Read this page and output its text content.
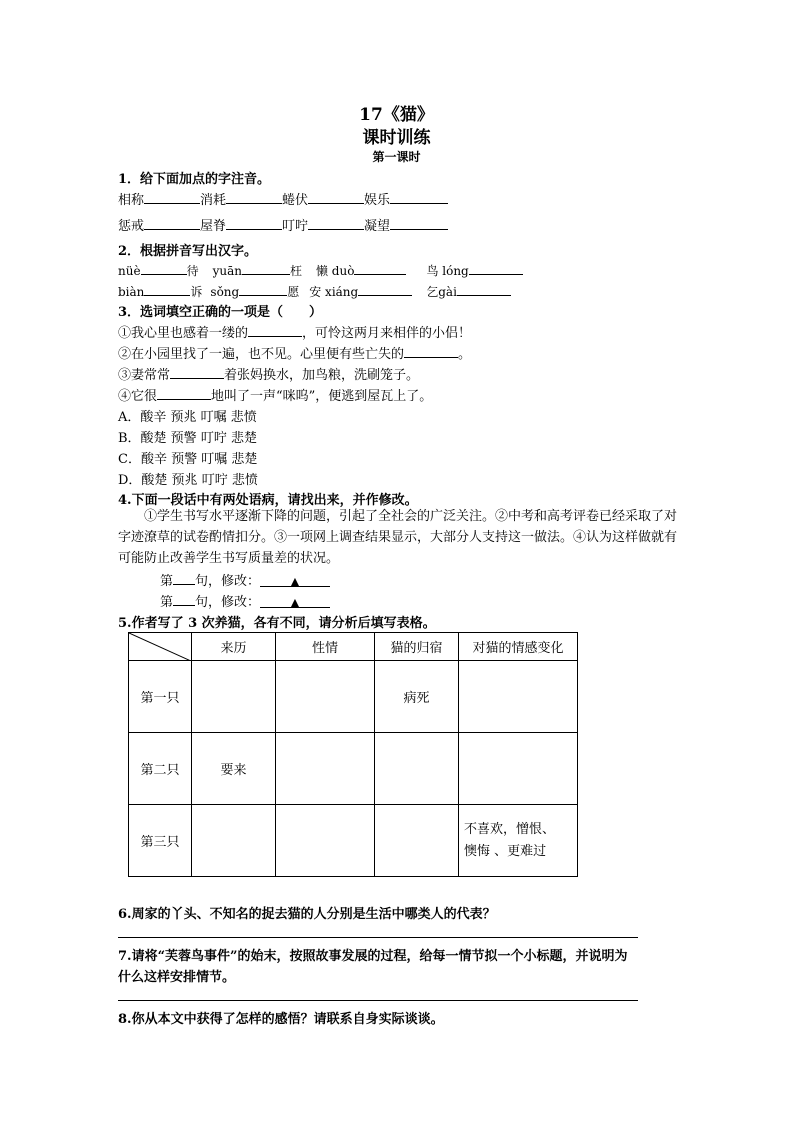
17《猫》
课时训练
第一课时
1．给下面加点的字注音。
相称	消耗	蜷伏	娱乐
惩戒	屋脊	叮咛	凝望
2．根据拼音写出汉字。
nüè	待 yuān	枉 懒 duò	鸟 lóng
biàn	诉 sǒng	愿 安 xiáng	乞gài
3．选词填空正确的一项是（　　）
①我心里也感着一缕的	，可怜这两月来相伴的小侣！
②在小园里找了一遍，也不见。心里便有些亡失的	。
③妻常常	着张妈换水，加鸟粮，洗刷笼子。
④它很	地叫了一声“咪呜”，便逃到屋瓦上了。
A．酸辛 预兆 叮嘱 悲愤
B．酸楚 预警 叮咛 悲楚
C．酸辛 预警 叮嘱 悲楚
D．酸楚 预兆 叮咛 悲愤
4.下面一段话中有两处语病，请找出来，并作修改。
①学生书写水平逐渐下降的问题，引起了全社会的广泛关注。②中考和高考评卷已经采取了对字迹潦草的试卷酌情扣分。③一项网上调查结果显示，大部分人支持这一做法。④认为这样做就有可能防止改善学生书写质量差的状况。
第 句，修改：	▲
第 句，修改：	▲
5.作者写了 3 次养猫，各有不同，请分析后填写表格。
	来历	性情	猫的归宿	对猫的情感变化
第一只			病死	
第二只	要来			
第三只				不喜欢，憎恨、
懊悔 、更难过
6.周家的丫头、不知名的捉去猫的人分别是生活中哪类人的代表？
7.请将“芙蓉鸟事件”的始末，按照故事发展的过程，给每一情节拟一个小标题，并说明为
什么这样安排情节。
8.你从本文中获得了怎样的感悟？请联系自身实际谈谈。
